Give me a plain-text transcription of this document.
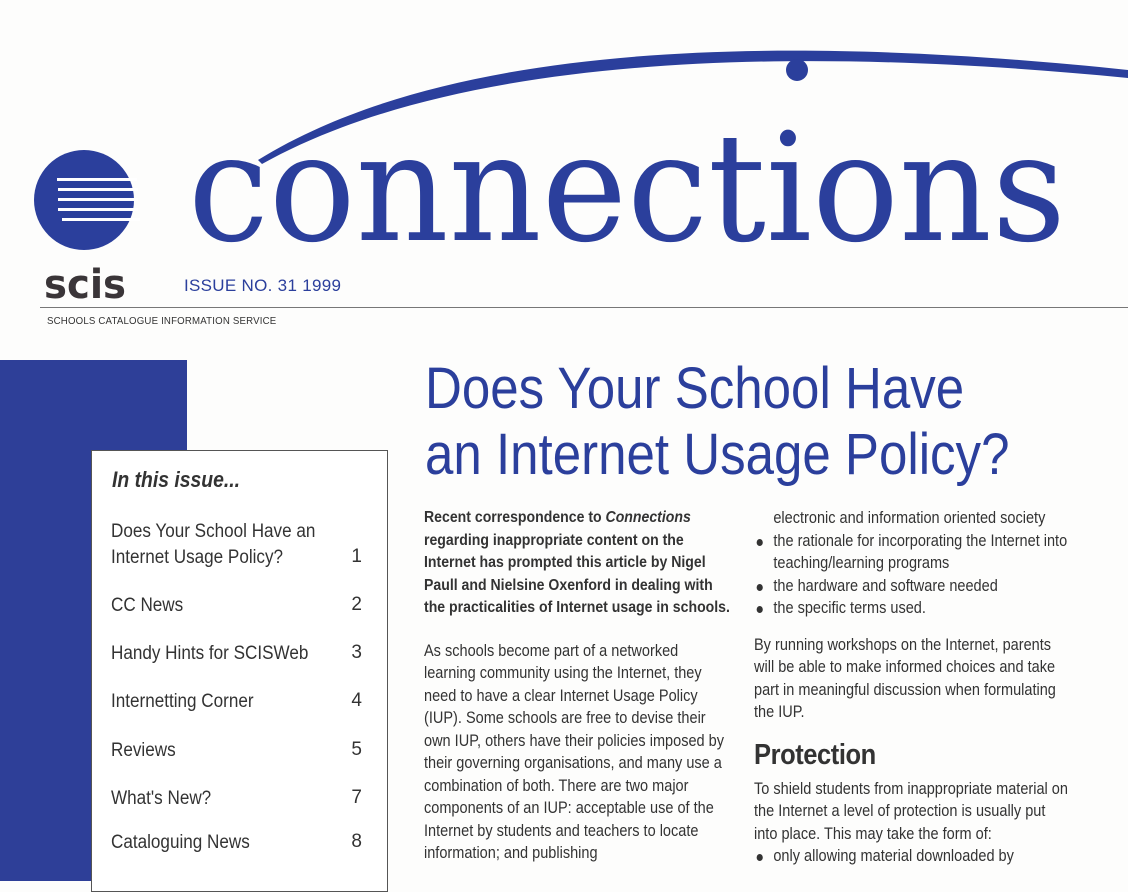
connections
scis	ISSUE NO. 31 1999
SCHOOLS CATALOGUE INFORMATION SERVICE
In this issue...
Does Your School Have an Internet Usage Policy?	1
CC News	2
Handy Hints for SCISWeb	3
Internetting Corner	4
Reviews	5
What's New?	7
Cataloguing News	8
Does Your School Have an Internet Usage Policy?

Recent correspondence to Connections regarding inappropriate content on the Internet has prompted this article by Nigel Paull and Nielsine Oxenford in dealing with the practicalities of Internet usage in schools.

As schools become part of a networked learning community using the Internet, they need to have a clear Internet Usage Policy (IUP). Some schools are free to devise their own IUP, others have their policies imposed by their governing organisations, and many use a combination of both. There are two major components of an IUP: acceptable use of the Internet by students and teachers to locate information; and publishing

electronic and information oriented society
the rationale for incorporating the Internet into teaching/learning programs
the hardware and software needed
the specific terms used.

By running workshops on the Internet, parents will be able to make informed choices and take part in meaningful discussion when formulating the IUP.

Protection

To shield students from inappropriate material on the Internet a level of protection is usually put into place. This may take the form of:

only allowing material downloaded by
